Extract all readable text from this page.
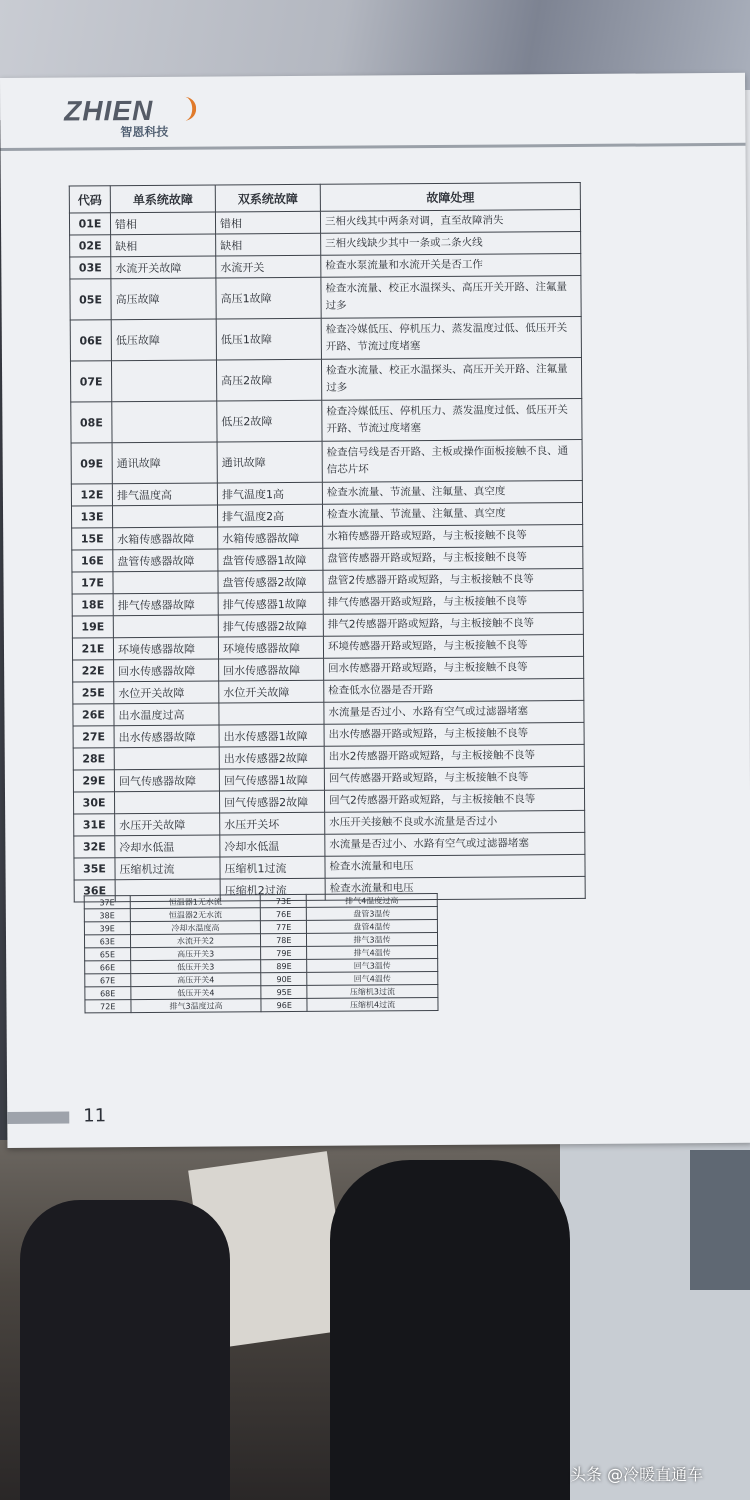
ZHIEN
智恩科技
代码	单系统故障	双系统故障	故障处理
01E	错相	错相	三相火线其中两条对调，直至故障消失
02E	缺相	缺相	三相火线缺少其中一条或二条火线
03E	水流开关故障	水流开关	检查水泵流量和水流开关是否工作
05E	高压故障	高压1故障	检查水流量、校正水温探头、高压开关开路、注氟量过多
06E	低压故障	低压1故障	检查冷媒低压、停机压力、蒸发温度过低、低压开关开路、节流过度堵塞
07E		高压2故障	检查水流量、校正水温探头、高压开关开路、注氟量过多
08E		低压2故障	检查冷媒低压、停机压力、蒸发温度过低、低压开关开路、节流过度堵塞
09E	通讯故障	通讯故障	检查信号线是否开路、主板或操作面板接触不良、通信芯片坏
12E	排气温度高	排气温度1高	检查水流量、节流量、注氟量、真空度
13E		排气温度2高	检查水流量、节流量、注氟量、真空度
15E	水箱传感器故障	水箱传感器故障	水箱传感器开路或短路，与主板接触不良等
16E	盘管传感器故障	盘管传感器1故障	盘管传感器开路或短路，与主板接触不良等
17E		盘管传感器2故障	盘管2传感器开路或短路，与主板接触不良等
18E	排气传感器故障	排气传感器1故障	排气传感器开路或短路，与主板接触不良等
19E		排气传感器2故障	排气2传感器开路或短路，与主板接触不良等
21E	环境传感器故障	环境传感器故障	环境传感器开路或短路，与主板接触不良等
22E	回水传感器故障	回水传感器故障	回水传感器开路或短路，与主板接触不良等
25E	水位开关故障	水位开关故障	检查低水位器是否开路
26E	出水温度过高		水流量是否过小、水路有空气或过滤器堵塞
27E	出水传感器故障	出水传感器1故障	出水传感器开路或短路，与主板接触不良等
28E		出水传感器2故障	出水2传感器开路或短路，与主板接触不良等
29E	回气传感器故障	回气传感器1故障	回气传感器开路或短路，与主板接触不良等
30E		回气传感器2故障	回气2传感器开路或短路，与主板接触不良等
31E	水压开关故障	水压开关坏	水压开关接触不良或水流量是否过小
32E	冷却水低温	冷却水低温	水流量是否过小、水路有空气或过滤器堵塞
35E	压缩机过流	压缩机1过流	检查水流量和电压
36E		压缩机2过流	检查水流量和电压
37E	恒温器1无水流	73E	排气4温度过高
38E	恒温器2无水流	76E	盘管3温传
39E	冷却水温度高	77E	盘管4温传
63E	水流开关2	78E	排气3温传
65E	高压开关3	79E	排气4温传
66E	低压开关3	89E	回气3温传
67E	高压开关4	90E	回气4温传
68E	低压开关4	95E	压缩机3过流
72E	排气3温度过高	96E	压缩机4过流
11
头条 @冷暖直通车
